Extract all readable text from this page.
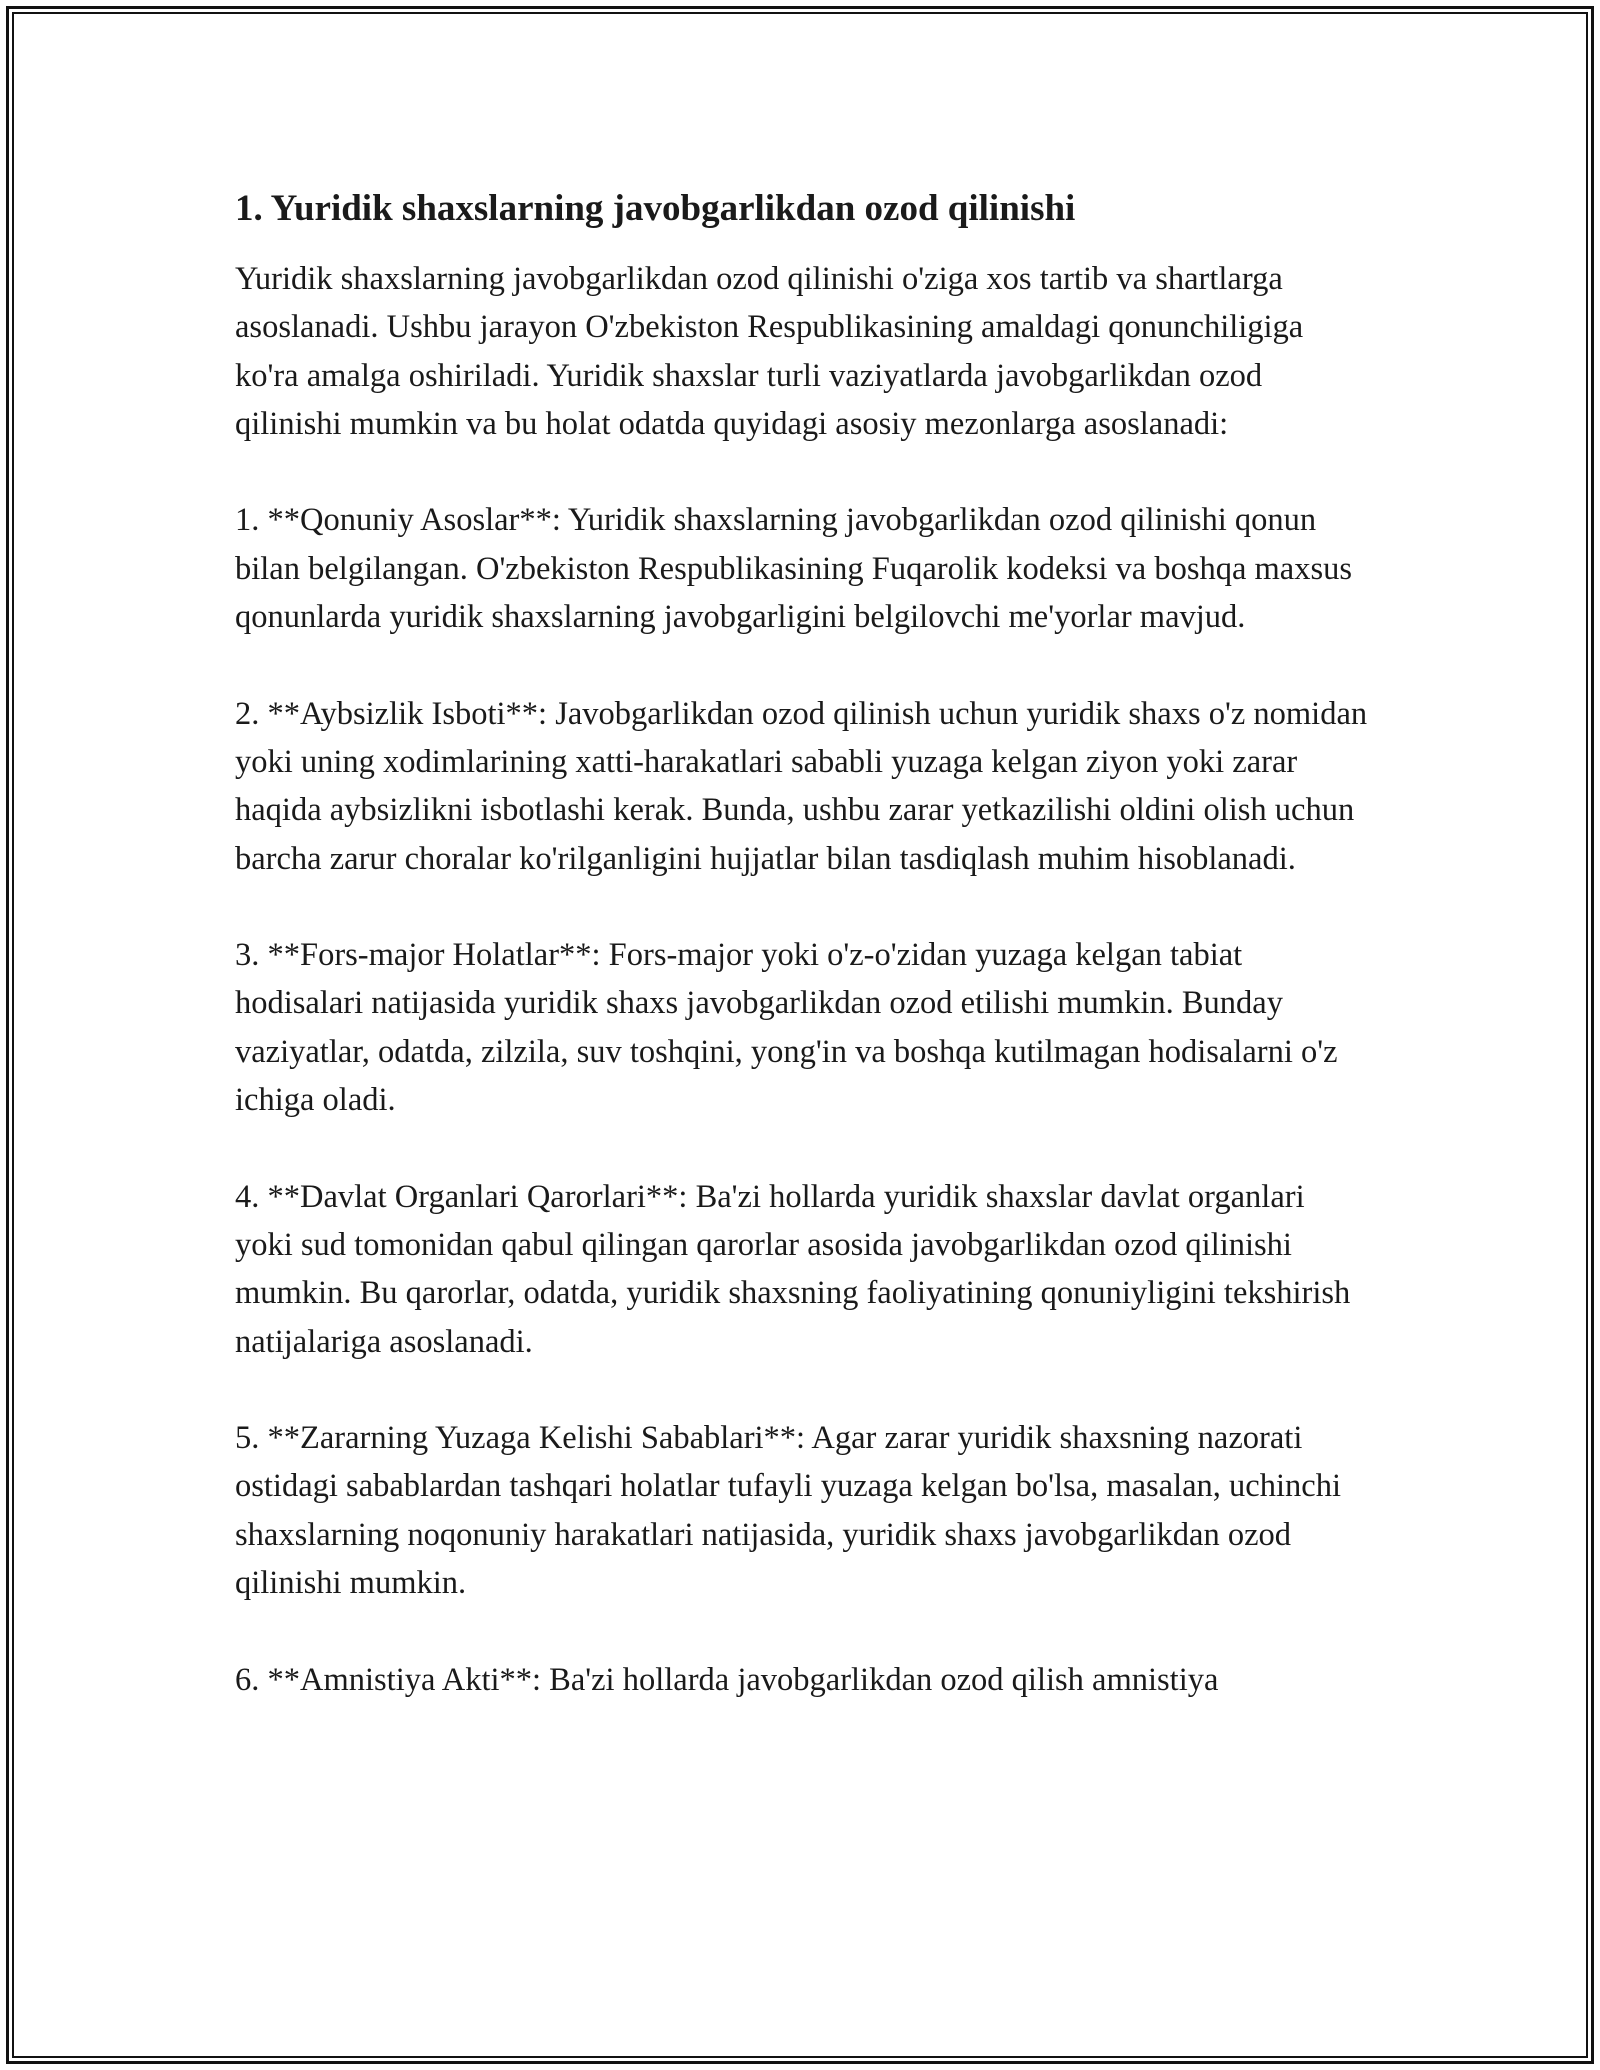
1. Yuridik shaxslarning javobgarlikdan ozod qilinishi

Yuridik shaxslarning javobgarlikdan ozod qilinishi o'ziga xos tartib va shartlarga asoslanadi. Ushbu jarayon O'zbekiston Respublikasining amaldagi qonunchiligiga ko'ra amalga oshiriladi. Yuridik shaxslar turli vaziyatlarda javobgarlikdan ozod qilinishi mumkin va bu holat odatda quyidagi asosiy mezonlarga asoslanadi:

1. **Qonuniy Asoslar**: Yuridik shaxslarning javobgarlikdan ozod qilinishi qonun bilan belgilangan. O'zbekiston Respublikasining Fuqarolik kodeksi va boshqa maxsus qonunlarda yuridik shaxslarning javobgarligini belgilovchi me'yorlar mavjud.

2. **Aybsizlik Isboti**: Javobgarlikdan ozod qilinish uchun yuridik shaxs o'z nomidan yoki uning xodimlarining xatti-harakatlari sababli yuzaga kelgan ziyon yoki zarar haqida aybsizlikni isbotlashi kerak. Bunda, ushbu zarar yetkazilishi oldini olish uchun barcha zarur choralar ko'rilganligini hujjatlar bilan tasdiqlash muhim hisoblanadi.

3. **Fors-major Holatlar**: Fors-major yoki o'z-o'zidan yuzaga kelgan tabiat hodisalari natijasida yuridik shaxs javobgarlikdan ozod etilishi mumkin. Bunday vaziyatlar, odatda, zilzila, suv toshqini, yong'in va boshqa kutilmagan hodisalarni o'z ichiga oladi.

4. **Davlat Organlari Qarorlari**: Ba'zi hollarda yuridik shaxslar davlat organlari yoki sud tomonidan qabul qilingan qarorlar asosida javobgarlikdan ozod qilinishi mumkin. Bu qarorlar, odatda, yuridik shaxsning faoliyatining qonuniyligini tekshirish natijalariga asoslanadi.

5. **Zararning Yuzaga Kelishi Sabablari**: Agar zarar yuridik shaxsning nazorati ostidagi sabablardan tashqari holatlar tufayli yuzaga kelgan bo'lsa, masalan, uchinchi shaxslarning noqonuniy harakatlari natijasida, yuridik shaxs javobgarlikdan ozod qilinishi mumkin.

6. **Amnistiya Akti**: Ba'zi hollarda javobgarlikdan ozod qilish amnistiya
